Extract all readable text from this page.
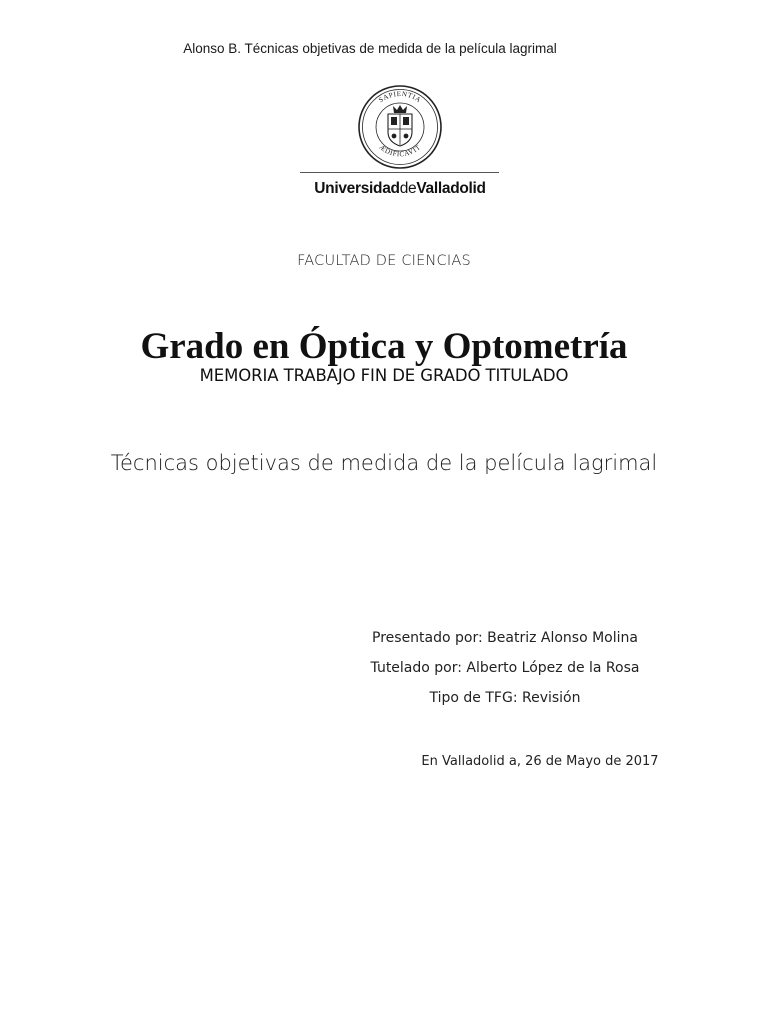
Alonso B. Técnicas objetivas de medida de la película lagrimal
SAPIENTIA
ÆDIFICAVIT
UniversidaddeValladolid
FACULTAD DE CIENCIAS
Grado en Óptica y Optometría
MEMORIA TRABAJO FIN DE GRADO TITULADO
Técnicas objetivas de medida de la película lagrimal
Presentado por: Beatriz Alonso Molina
Tutelado por: Alberto López de la Rosa
Tipo de TFG: Revisión
En Valladolid a, 26 de Mayo de 2017
